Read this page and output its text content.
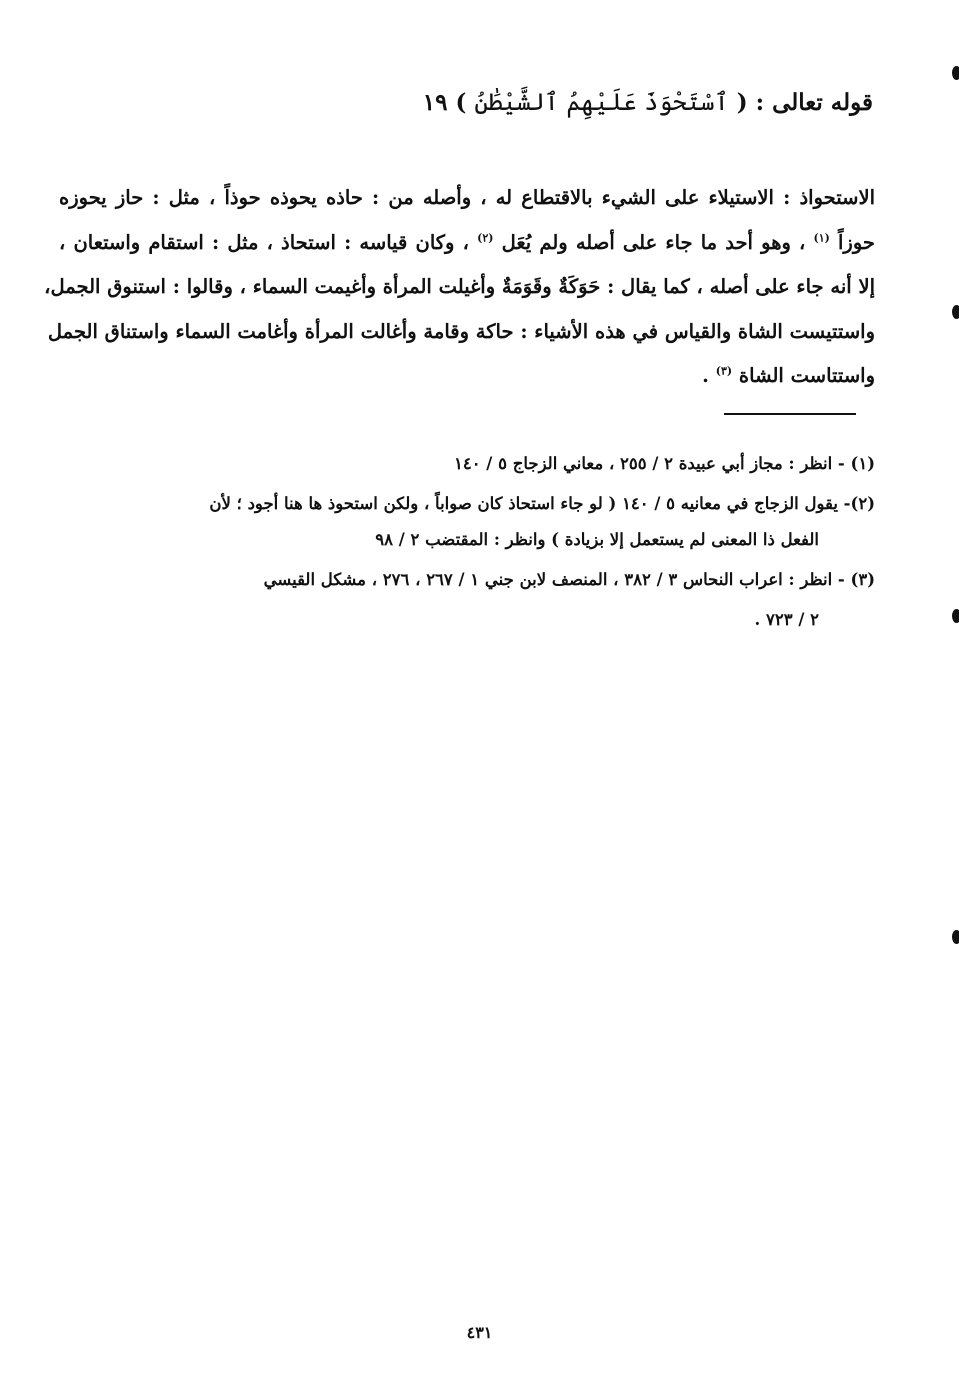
قوله تعالى : ( ٱسْتَحْوَذَ عَلَيْهِمُ ٱلشَّيْطَٰنُ ) ١٩
الاستحواذ : الاستيلاء على الشيء بالاقتطاع له ، وأصله من : حاذه يحوذه حوذاً ، مثل : حاز يحوزه
حوزاً $^{(١)}$ ، وهو أحد ما جاء على أصله ولم يُعَل $^{(٢)}$ ، وكان قياسه : استحاذ ، مثل : استقام واستعان ،
إلا أنه جاء على أصله ، كما يقال : حَوَكَةٌ وقَوَمَةٌ وأغيلت المرأة وأغيمت السماء ، وقالوا : استنوق الجمل،
واستتيست الشاة والقياس في هذه الأشياء : حاكة وقامة وأغالت المرأة وأغامت السماء واستناق الجمل
واستتاست الشاة $^{(٣)}$ .
(١) - انظر : مجاز أبي عبيدة ٢ / ٢٥٥ ، معاني الزجاج ٥ / ١٤٠
(٢)- يقول الزجاج في معانيه ٥ / ١٤٠ ( لو جاء استحاذ كان صواباً ، ولكن استحوذ ها هنا أجود ؛ لأن
الفعل ذا المعنى لم يستعمل إلا بزيادة ) وانظر : المقتضب ٢ / ٩٨
(٣) - انظر : اعراب النحاس ٣ / ٣٨٢ ، المنصف لابن جني ١ / ٢٦٧ ، ٢٧٦ ، مشكل القيسي
٢ / ٧٢٣ .
٤٣١
